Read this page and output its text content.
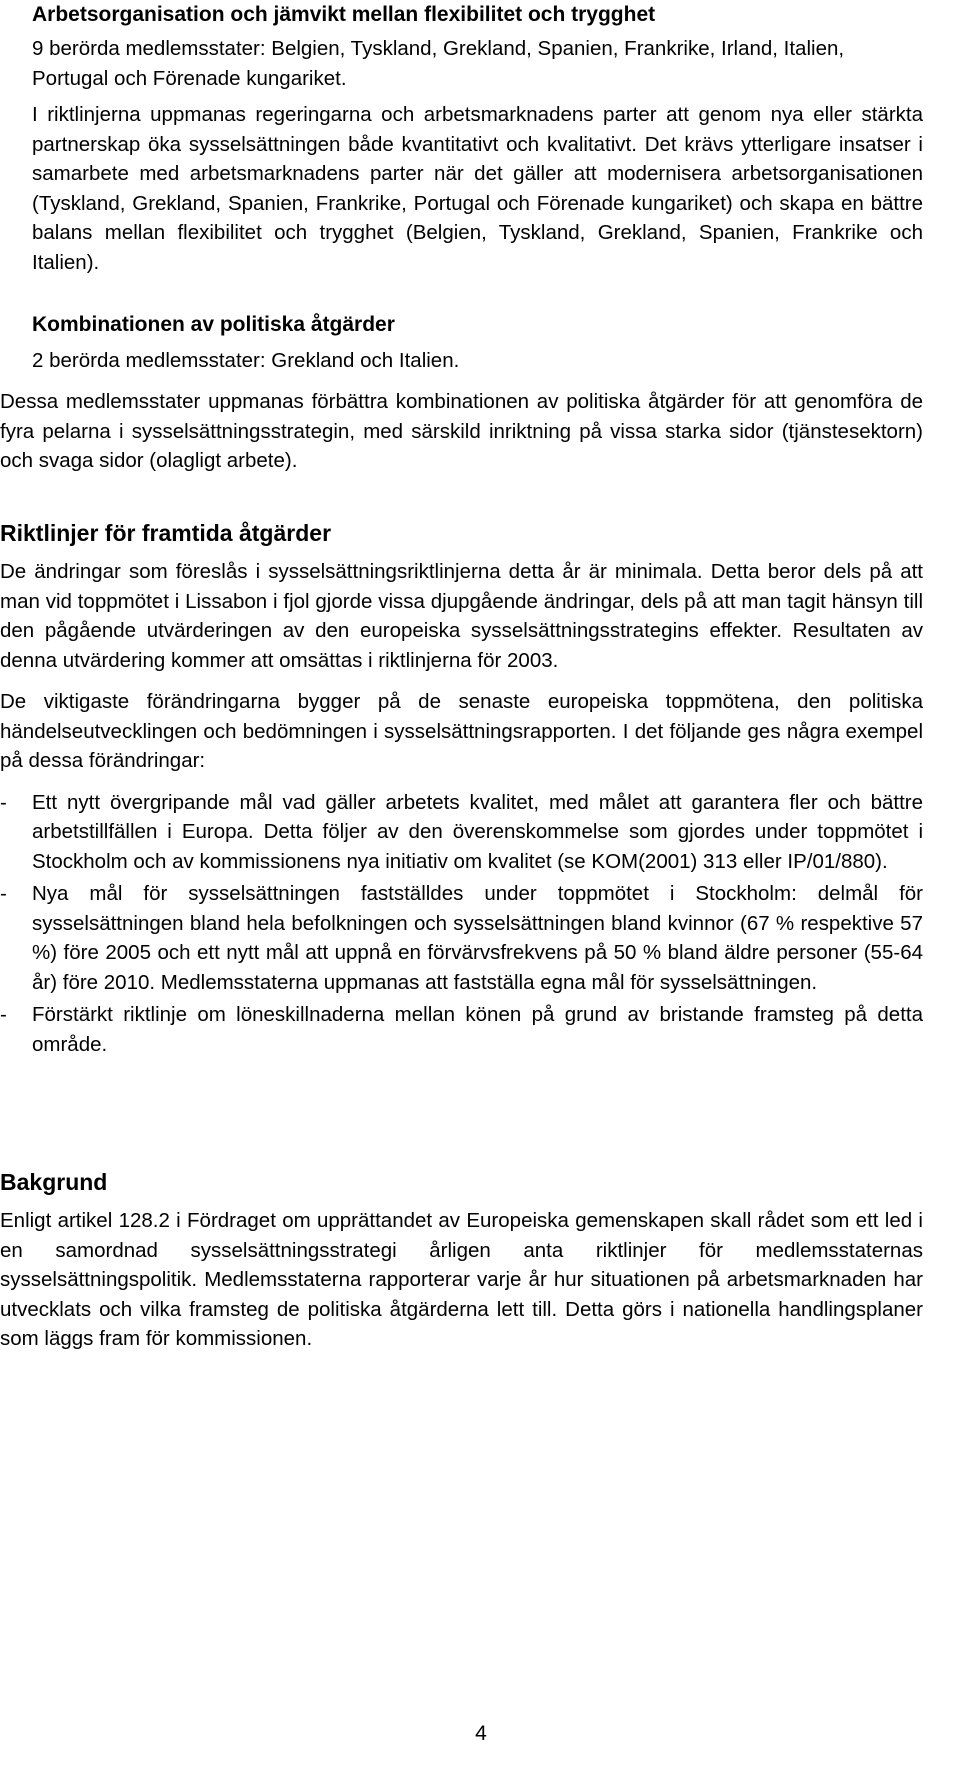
Arbetsorganisation och jämvikt mellan flexibilitet och trygghet

9 berörda medlemsstater: Belgien, Tyskland, Grekland, Spanien, Frankrike, Irland, Italien, Portugal och Förenade kungariket.

I riktlinjerna uppmanas regeringarna och arbetsmarknadens parter att genom nya eller stärkta partnerskap öka sysselsättningen både kvantitativt och kvalitativt. Det krävs ytterligare insatser i samarbete med arbetsmarknadens parter när det gäller att modernisera arbetsorganisationen (Tyskland, Grekland, Spanien, Frankrike, Portugal och Förenade kungariket) och skapa en bättre balans mellan flexibilitet och trygghet (Belgien, Tyskland, Grekland, Spanien, Frankrike och Italien).

Kombinationen av politiska åtgärder

2 berörda medlemsstater: Grekland och Italien.

Dessa medlemsstater uppmanas förbättra kombinationen av politiska åtgärder för att genomföra de fyra pelarna i sysselsättningsstrategin, med särskild inriktning på vissa starka sidor (tjänstesektorn) och svaga sidor (olagligt arbete).

Riktlinjer för framtida åtgärder

De ändringar som föreslås i sysselsättningsriktlinjerna detta år är minimala. Detta beror dels på att man vid toppmötet i Lissabon i fjol gjorde vissa djupgående ändringar, dels på att man tagit hänsyn till den pågående utvärderingen av den europeiska sysselsättningsstrategins effekter. Resultaten av denna utvärdering kommer att omsättas i riktlinjerna för 2003.

De viktigaste förändringarna bygger på de senaste europeiska toppmötena, den politiska händelseutvecklingen och bedömningen i sysselsättningsrapporten. I det följande ges några exempel på dessa förändringar:

- Ett nytt övergripande mål vad gäller arbetets kvalitet, med målet att garantera fler och bättre arbetstillfällen i Europa. Detta följer av den överenskommelse som gjordes under toppmötet i Stockholm och av kommissionens nya initiativ om kvalitet (se KOM(2001) 313 eller IP/01/880).
- Nya mål för sysselsättningen fastställdes under toppmötet i Stockholm: delmål för sysselsättningen bland hela befolkningen och sysselsättningen bland kvinnor (67 % respektive 57 %) före 2005 och ett nytt mål att uppnå en förvärvsfrekvens på 50 % bland äldre personer (55-64 år) före 2010. Medlemsstaterna uppmanas att fastställa egna mål för sysselsättningen.
- Förstärkt riktlinje om löneskillnaderna mellan könen på grund av bristande framsteg på detta område.
Bakgrund

Enligt artikel 128.2 i Fördraget om upprättandet av Europeiska gemenskapen skall rådet som ett led i en samordnad sysselsättningsstrategi årligen anta riktlinjer för medlemsstaternas sysselsättningspolitik. Medlemsstaterna rapporterar varje år hur situationen på arbetsmarknaden har utvecklats och vilka framsteg de politiska åtgärderna lett till. Detta görs i nationella handlingsplaner som läggs fram för kommissionen.

4
